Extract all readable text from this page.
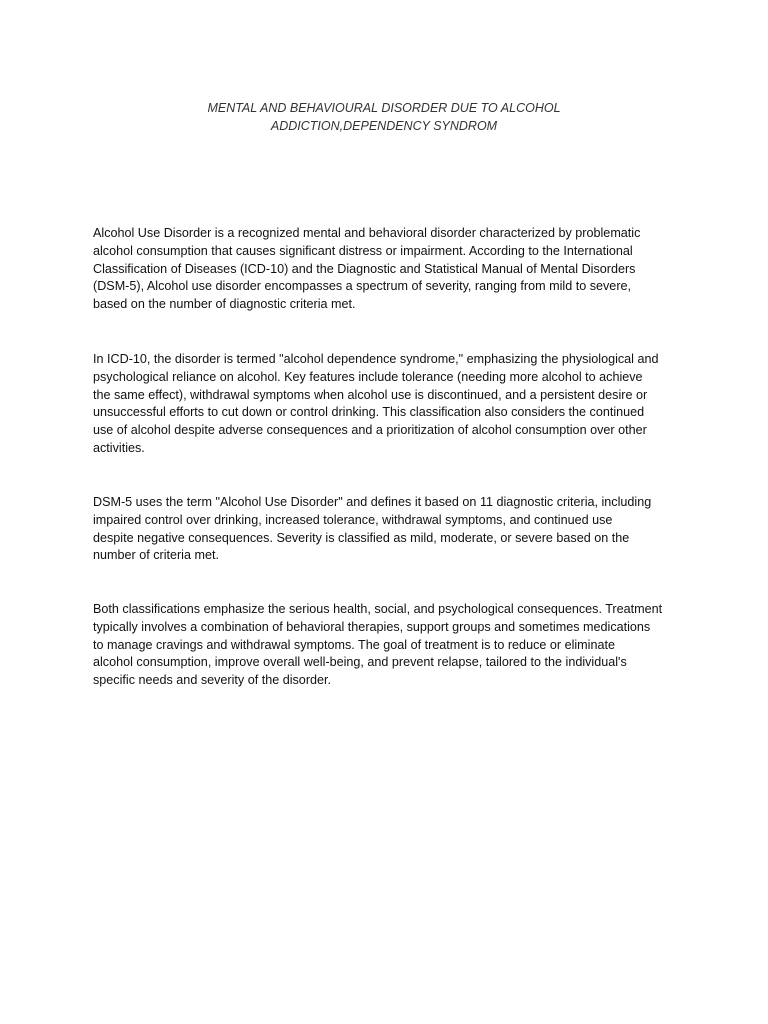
MENTAL AND BEHAVIOURAL DISORDER DUE TO ALCOHOL
ADDICTION,DEPENDENCY SYNDROM

Alcohol Use Disorder is a recognized mental and behavioral disorder characterized by problematic
alcohol consumption that causes significant distress or impairment. According to the International
Classification of Diseases (ICD-10) and the Diagnostic and Statistical Manual of Mental Disorders
(DSM-5), Alcohol use disorder encompasses a spectrum of severity, ranging from mild to severe,
based on the number of diagnostic criteria met.

In ICD-10, the disorder is termed "alcohol dependence syndrome," emphasizing the physiological and
psychological reliance on alcohol. Key features include tolerance (needing more alcohol to achieve
the same effect), withdrawal symptoms when alcohol use is discontinued, and a persistent desire or
unsuccessful efforts to cut down or control drinking. This classification also considers the continued
use of alcohol despite adverse consequences and a prioritization of alcohol consumption over other
activities.

DSM-5 uses the term "Alcohol Use Disorder" and defines it based on 11 diagnostic criteria, including
impaired control over drinking, increased tolerance, withdrawal symptoms, and continued use
despite negative consequences. Severity is classified as mild, moderate, or severe based on the
number of criteria met.

Both classifications emphasize the serious health, social, and psychological consequences. Treatment
typically involves a combination of behavioral therapies, support groups and sometimes medications
to manage cravings and withdrawal symptoms. The goal of treatment is to reduce or eliminate
alcohol consumption, improve overall well-being, and prevent relapse, tailored to the individual's
specific needs and severity of the disorder.
